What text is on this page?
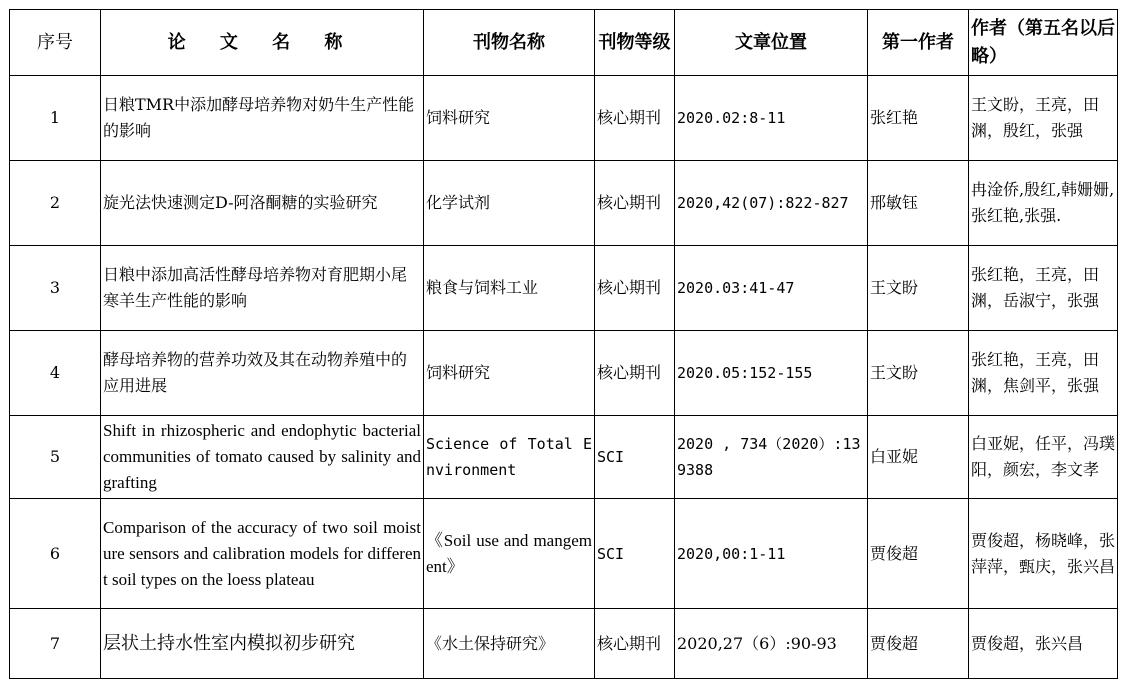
序号	论 文 名 称	刊物名称	刊物等级	文章位置	第一作者	作者（第五名以后略）
1	日粮TMR中添加酵母培养物对奶牛生产性能的影响	饲料研究	核心期刊	2020.02:8-11	张红艳	王文盼，王亮，田渊，殷红，张强
2	旋光法快速测定D-阿洛酮糖的实验研究	化学试剂	核心期刊	2020,42(07):822-827	邢敏钰	冉淦侨,殷红,韩姗姗,张红艳,张强.
3	日粮中添加高活性酵母培养物对育肥期小尾寒羊生产性能的影响	粮食与饲料工业	核心期刊	2020.03:41-47	王文盼	张红艳，王亮，田渊，岳淑宁，张强
4	酵母培养物的营养功效及其在动物养殖中的应用进展	饲料研究	核心期刊	2020.05:152-155	王文盼	张红艳，王亮，田渊，焦剑平，张强
5	Shift in rhizospheric and endophytic bacterial communities of tomato caused by salinity and grafting	Science of Total Environment	SCI	2020 , 734（2020）:139388	白亚妮	白亚妮，任平，冯璞阳，颜宏，李文孝
6	Comparison of the accuracy of two soil moisture sensors and calibration models for different soil types on the loess plateau	《Soil use and mangement》	SCI	2020,00:1-11	贾俊超	贾俊超，杨晓峰，张萍萍，甄庆，张兴昌
7	层状土持水性室内模拟初步研究	《水土保持研究》	核心期刊	2020,27（6）:90-93	贾俊超	贾俊超，张兴昌
